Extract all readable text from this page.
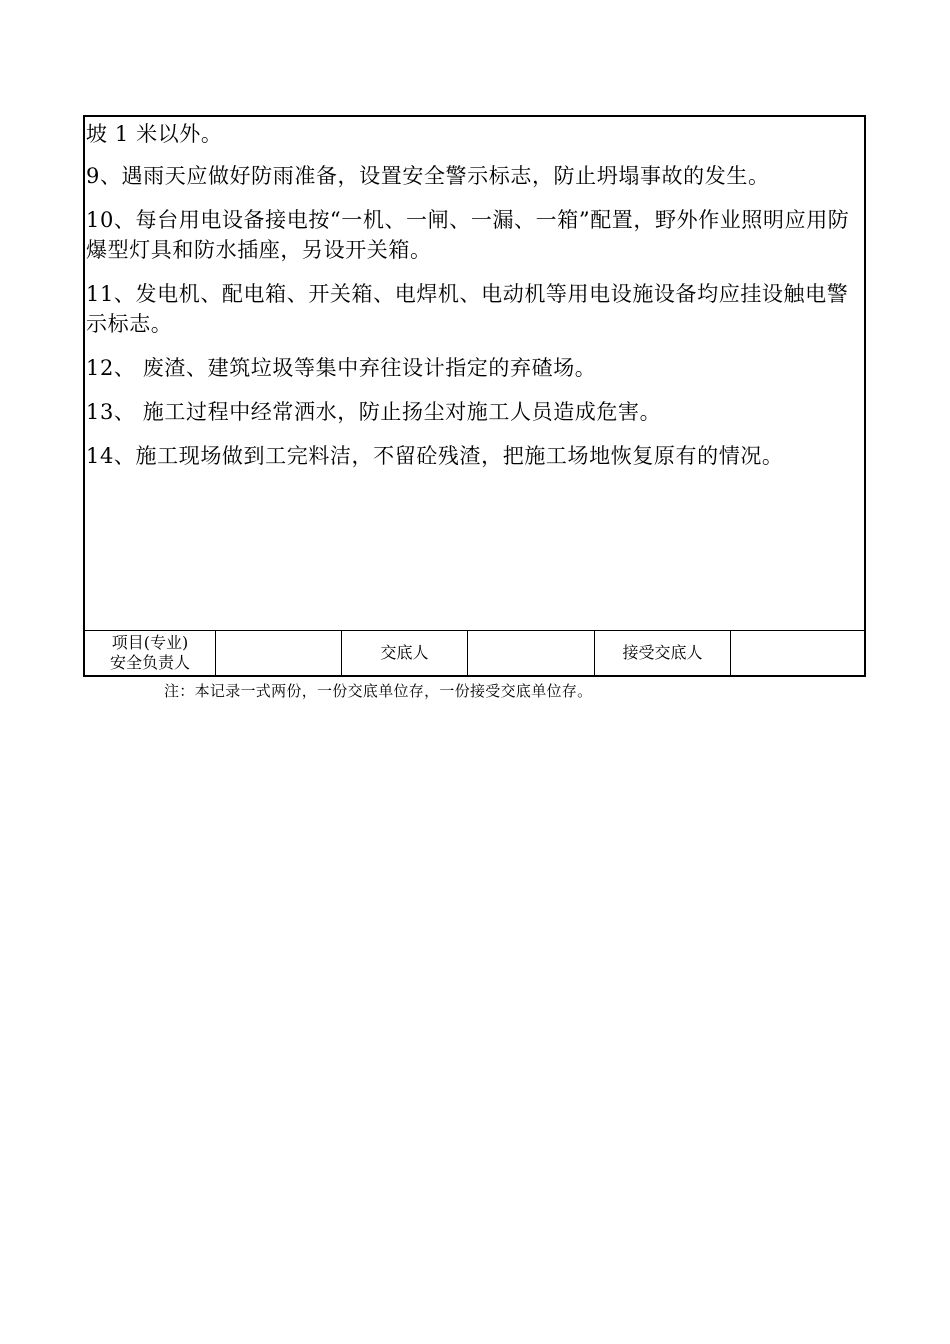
坡 1 米以外。

9、遇雨天应做好防雨准备，设置安全警示标志，防止坍塌事故的发生。

10、每台用电设备接电按“一机、一闸、一漏、一箱”配置，野外作业照明应用防爆型灯具和防水插座，另设开关箱。

11、发电机、配电箱、开关箱、电焊机、电动机等用电设施设备均应挂设触电警示标志。

12、 废渣、建筑垃圾等集中弃往设计指定的弃碴场。

13、 施工过程中经常洒水，防止扬尘对施工人员造成危害。

14、施工现场做到工完料洁，不留砼残渣，把施工场地恢复原有的情况。

项目(专业)
安全负责人
交底人	接受交底人
注：本记录一式两份，一份交底单位存，一份接受交底单位存。
